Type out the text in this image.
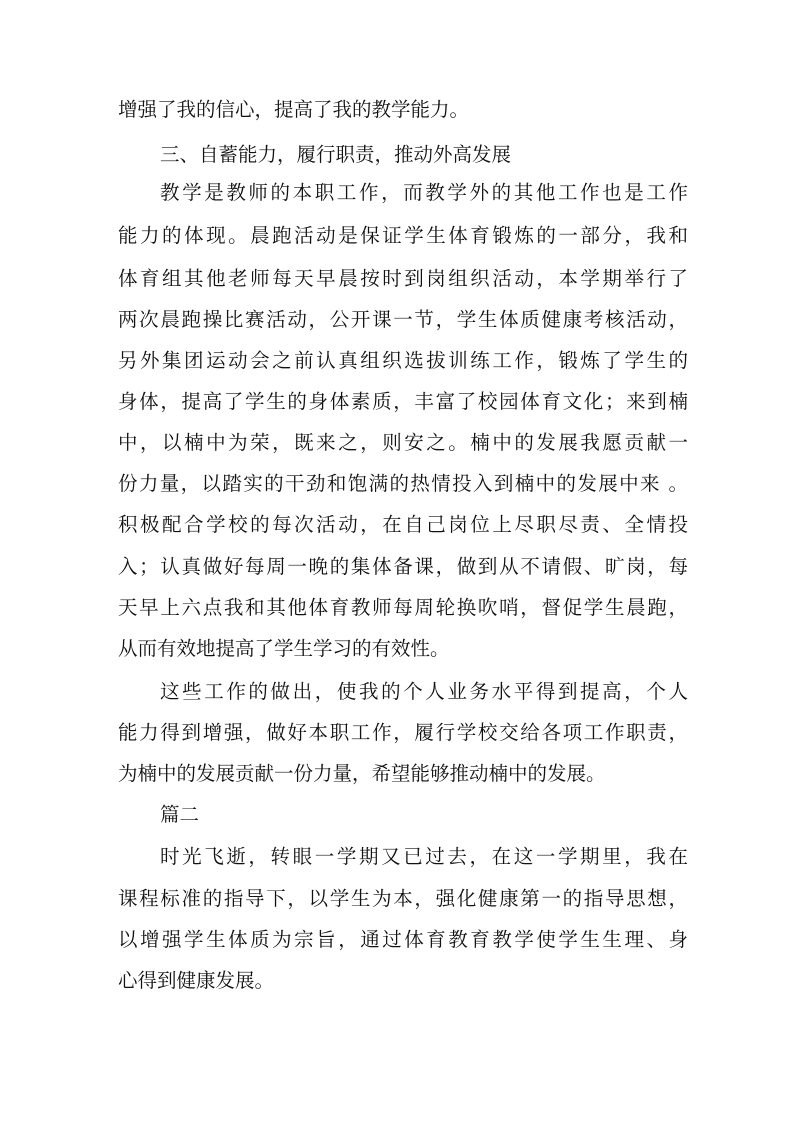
增强了我的信心，提高了我的教学能力。
三、自蓄能力，履行职责，推动外高发展
教学是教师的本职工作，而教学外的其他工作也是工作
能力的体现。晨跑活动是保证学生体育锻炼的一部分，我和
体育组其他老师每天早晨按时到岗组织活动，本学期举行了
两次晨跑操比赛活动，公开课一节，学生体质健康考核活动，
另外集团运动会之前认真组织选拔训练工作，锻炼了学生的
身体，提高了学生的身体素质，丰富了校园体育文化；来到楠
中，以楠中为荣，既来之，则安之。楠中的发展我愿贡献一
份力量，以踏实的干劲和饱满的热情投入到楠中的发展中来 。
积极配合学校的每次活动，在自己岗位上尽职尽责、全情投
入；认真做好每周一晚的集体备课，做到从不请假、旷岗，每
天早上六点我和其他体育教师每周轮换吹哨，督促学生晨跑，
从而有效地提高了学生学习的有效性。
这些工作的做出，使我的个人业务水平得到提高，个人
能力得到增强，做好本职工作，履行学校交给各项工作职责，
为楠中的发展贡献一份力量，希望能够推动楠中的发展。
篇二
时光飞逝，转眼一学期又已过去，在这一学期里，我在
课程标准的指导下，以学生为本，强化健康第一的指导思想，
以增强学生体质为宗旨，通过体育教育教学使学生生理、身
心得到健康发展。
